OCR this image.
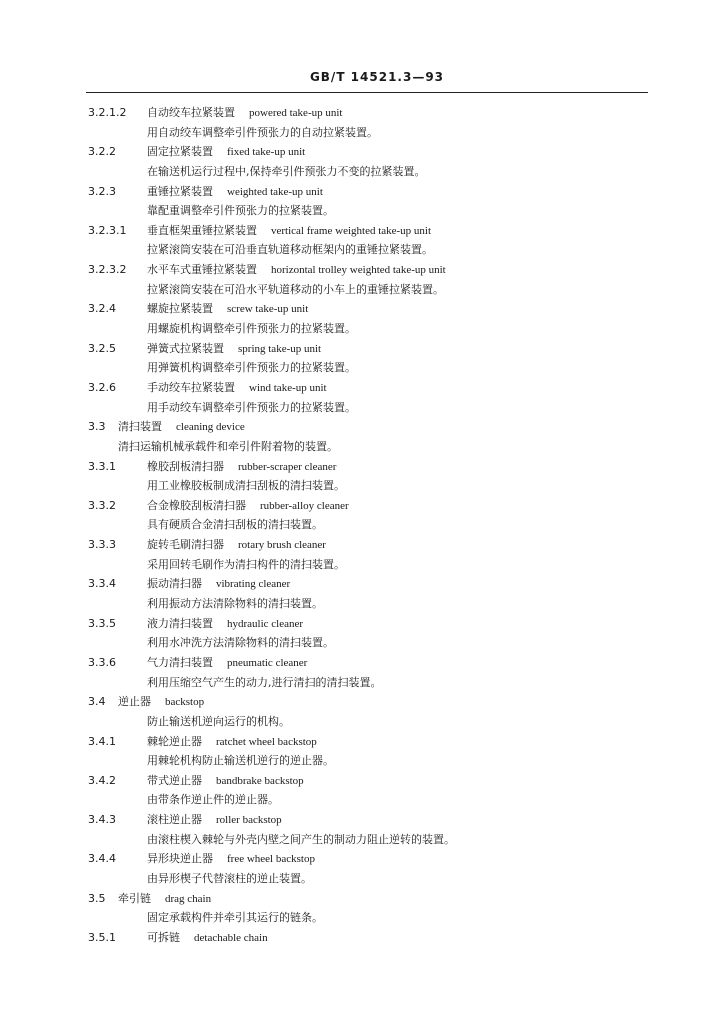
GB/T 14521.3—93
3.2.1.2 自动绞车拉紧装置 powered take-up unit
用自动绞车调整牵引件预张力的自动拉紧装置。
3.2.2	固定拉紧装置 fixed take-up unit
在输送机运行过程中,保持牵引件预张力不变的拉紧装置。
3.2.3	重锤拉紧装置 weighted take-up unit
靠配重调整牵引件预张力的拉紧装置。
3.2.3.1 垂直框架重锤拉紧装置 vertical frame weighted take-up unit
拉紧滚筒安装在可沿垂直轨道移动框架内的重锤拉紧装置。
3.2.3.2 水平车式重锤拉紧装置 horizontal trolley weighted take-up unit
拉紧滚筒安装在可沿水平轨道移动的小车上的重锤拉紧装置。
3.2.4	螺旋拉紧装置 screw take-up unit
用螺旋机构调整牵引件预张力的拉紧装置。
3.2.5	弹簧式拉紧装置 spring take-up unit
用弹簧机构调整牵引件预张力的拉紧装置。
3.2.6	手动绞车拉紧装置 wind take-up unit
用手动绞车调整牵引件预张力的拉紧装置。
3.3 清扫装置 cleaning device
清扫运输机械承载件和牵引件附着物的装置。
3.3.1	橡胶刮板清扫器 rubber-scraper cleaner
用工业橡胶板制成清扫刮板的清扫装置。
3.3.2	合金橡胶刮板清扫器 rubber-alloy cleaner
具有硬质合金清扫刮板的清扫装置。
3.3.3	旋转毛刷清扫器 rotary brush cleaner
采用回转毛刷作为清扫构件的清扫装置。
3.3.4	振动清扫器 vibrating cleaner
利用振动方法清除物料的清扫装置。
3.3.5	液力清扫装置 hydraulic cleaner
利用水冲洗方法清除物料的清扫装置。
3.3.6	气力清扫装置 pneumatic cleaner
利用压缩空气产生的动力,进行清扫的清扫装置。
3.4 逆止器 backstop
防止输送机逆向运行的机构。
3.4.1	棘轮逆止器 ratchet wheel backstop
用棘轮机构防止输送机逆行的逆止器。
3.4.2	带式逆止器 bandbrake backstop
由带条作逆止件的逆止器。
3.4.3	滚柱逆止器 roller backstop
由滚柱楔入棘轮与外壳内壁之间产生的制动力阻止逆转的装置。
3.4.4	异形块逆止器 free wheel backstop
由异形楔子代替滚柱的逆止装置。
3.5 牵引链 drag chain
固定承载构件并牵引其运行的链条。
3.5.1	可拆链 detachable chain
